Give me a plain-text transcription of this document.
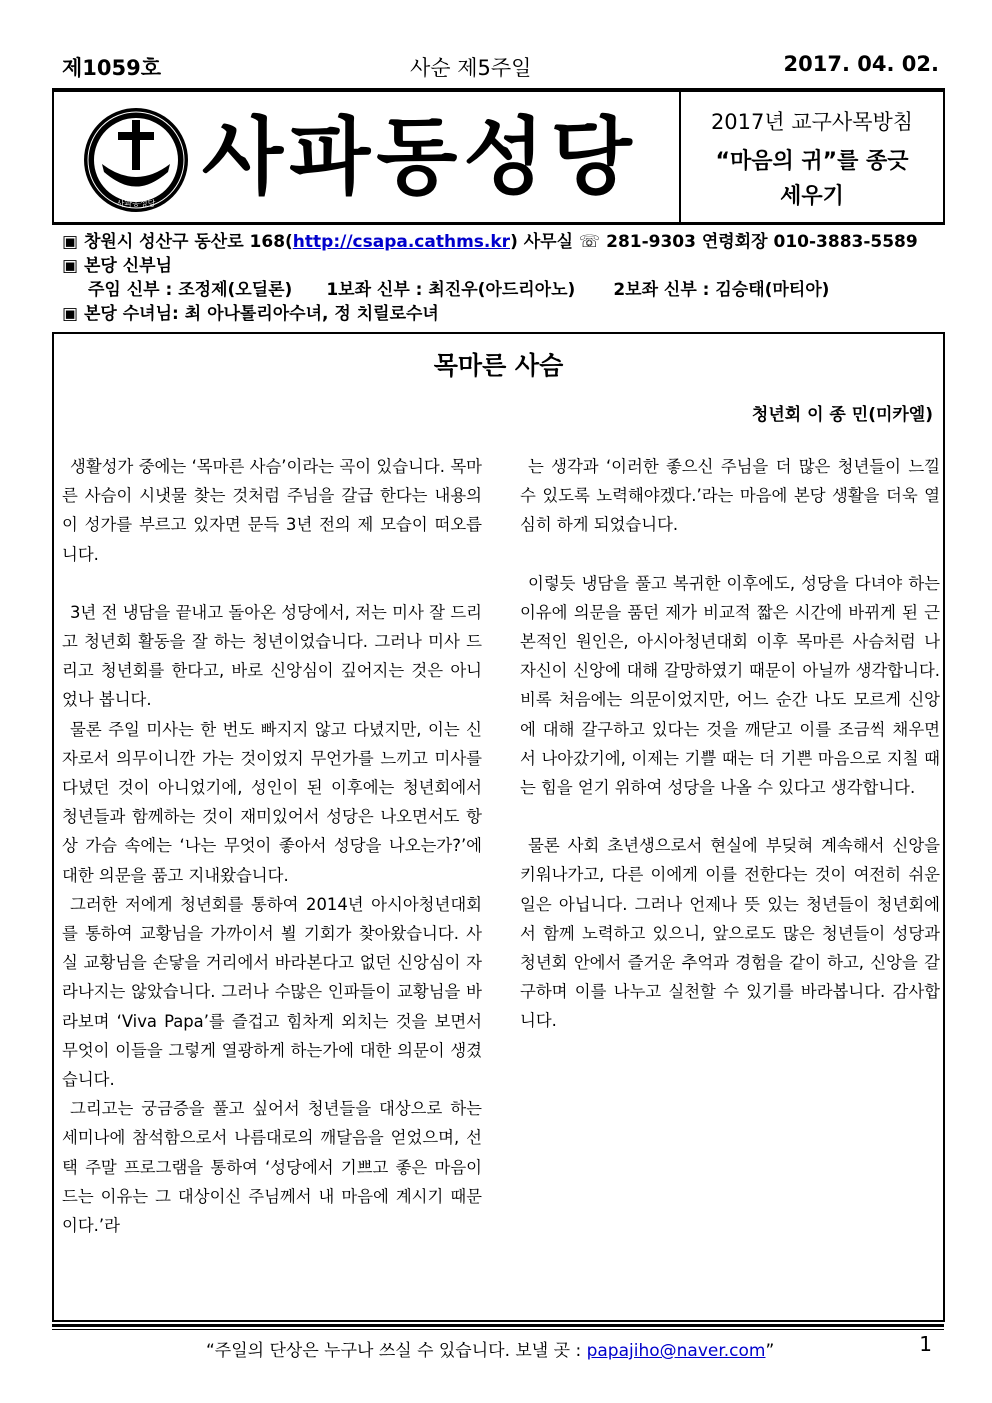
제1059호	사순 제5주일	2017. 04. 02.
사파동성당 사파동성당	2017년 교구사목방침
“마음의 귀”를 종긋
세우기
▣ 창원시 성산구 동산로 168(http://csapa.cathms.kr) 사무실 ☏ 281-9303 연령회장 010-3883-5589
▣ 본당 신부님
주임 신부 : 조정제(오딜론) 1보좌 신부 : 최진우(아드리아노) 2보좌 신부 : 김승태(마티아)
▣ 본당 수녀님: 최 아나톨리아수녀, 정 치릴로수녀
목마른 사슴
청년회 이 종 민(미카엘)

생활성가 중에는 ‘목마른 사슴’이라는 곡이 있습니다. 목마른 사슴이 시냇물 찾는 것처럼 주님을 갈급 한다는 내용의 이 성가를 부르고 있자면 문득 3년 전의 제 모습이 떠오릅니다.

3년 전 냉담을 끝내고 돌아온 성당에서, 저는 미사 잘 드리고 청년회 활동을 잘 하는 청년이었습니다. 그러나 미사 드리고 청년회를 한다고, 바로 신앙심이 깊어지는 것은 아니었나 봅니다.

물론 주일 미사는 한 번도 빠지지 않고 다녔지만, 이는 신자로서 의무이니깐 가는 것이었지 무언가를 느끼고 미사를 다녔던 것이 아니었기에, 성인이 된 이후에는 청년회에서 청년들과 함께하는 것이 재미있어서 성당은 나오면서도 항상 가슴 속에는 ‘나는 무엇이 좋아서 성당을 나오는가?’에 대한 의문을 품고 지내왔습니다.

그러한 저에게 청년회를 통하여 2014년 아시아청년대회를 통하여 교황님을 가까이서 뵐 기회가 찾아왔습니다. 사실 교황님을 손닿을 거리에서 바라본다고 없던 신앙심이 자라나지는 않았습니다. 그러나 수많은 인파들이 교황님을 바라보며 ‘Viva Papa’를 즐겁고 힘차게 외치는 것을 보면서 무엇이 이들을 그렇게 열광하게 하는가에 대한 의문이 생겼습니다.

그리고는 궁금증을 풀고 싶어서 청년들을 대상으로 하는 세미나에 참석함으로서 나름대로의 깨달음을 얻었으며, 선택 주말 프로그램을 통하여 ‘성당에서 기쁘고 좋은 마음이 드는 이유는 그 대상이신 주님께서 내 마음에 계시기 때문이다.’라

는 생각과 ‘이러한 좋으신 주님을 더 많은 청년들이 느낄 수 있도록 노력해야겠다.’라는 마음에 본당 생활을 더욱 열심히 하게 되었습니다.

이렇듯 냉담을 풀고 복귀한 이후에도, 성당을 다녀야 하는 이유에 의문을 품던 제가 비교적 짧은 시간에 바뀌게 된 근본적인 원인은, 아시아청년대회 이후 목마른 사슴처럼 나 자신이 신앙에 대해 갈망하였기 때문이 아닐까 생각합니다. 비록 처음에는 의문이었지만, 어느 순간 나도 모르게 신앙에 대해 갈구하고 있다는 것을 깨닫고 이를 조금씩 채우면서 나아갔기에, 이제는 기쁠 때는 더 기쁜 마음으로 지칠 때는 힘을 얻기 위하여 성당을 나올 수 있다고 생각합니다.

물론 사회 초년생으로서 현실에 부딪혀 계속해서 신앙을 키워나가고, 다른 이에게 이를 전한다는 것이 여전히 쉬운 일은 아닙니다. 그러나 언제나 뜻 있는 청년들이 청년회에서 함께 노력하고 있으니, 앞으로도 많은 청년들이 성당과 청년회 안에서 즐거운 추억과 경험을 같이 하고, 신앙을 갈구하며 이를 나누고 실천할 수 있기를 바라봅니다. 감사합니다.

“주일의 단상은 누구나 쓰실 수 있습니다. 보낼 곳 : papajiho@naver.com”	1
